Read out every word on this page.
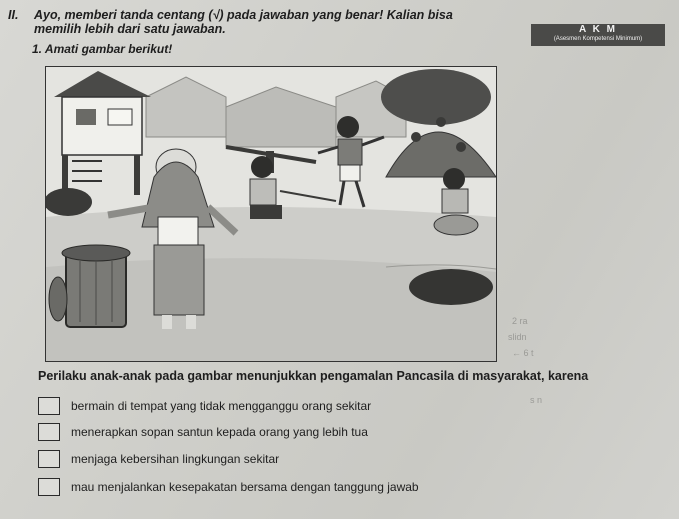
II. Ayo, memberi tanda centang (√) pada jawaban yang benar! Kalian bisa
memilih lebih dari satu jawaban.	A K M
(Asesmen Kompetensi Minimum)
1. Amati gambar berikut!
2 ra
slidn
← 6 t
s n
Perilaku anak-anak pada gambar menunjukkan pengamalan Pancasila di masyarakat, karena
bermain di tempat yang tidak mengganggu orang sekitar
menerapkan sopan santun kepada orang yang lebih tua
menjaga kebersihan lingkungan sekitar
mau menjalankan kesepakatan bersama dengan tanggung jawab
